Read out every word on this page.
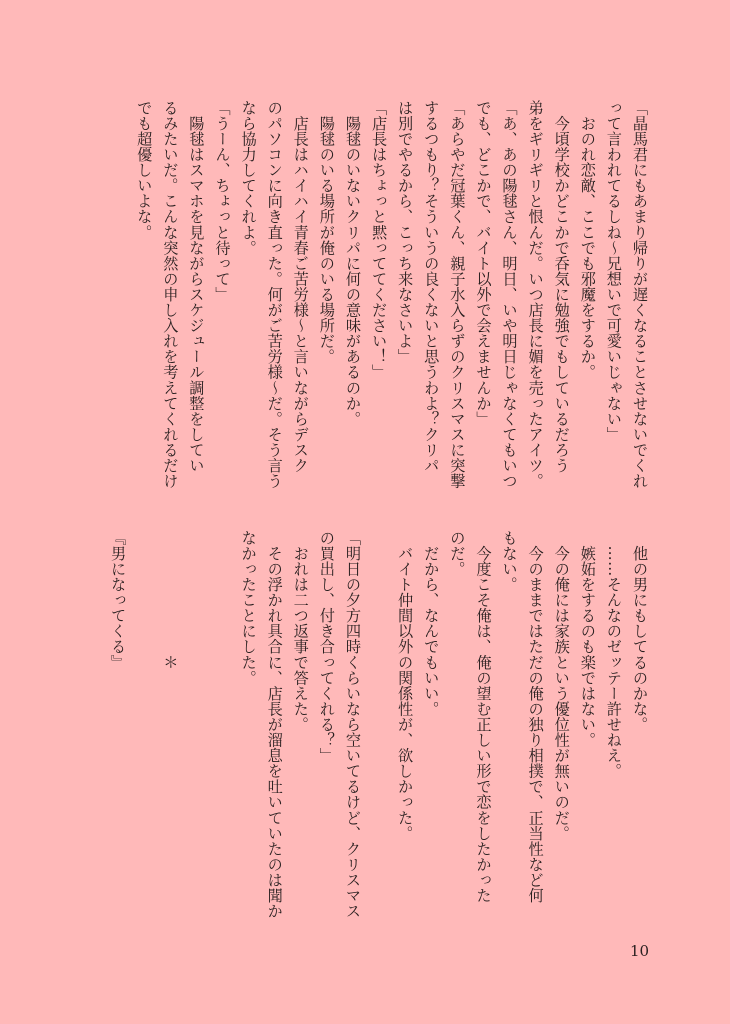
「晶馬君にもあまり帰りが遅くなることさせないでくれ
って言われてるしね～兄想いで可愛いじゃない」
　おのれ恋敵、ここでも邪魔をするか。
　今頃学校かどこかで呑気に勉強でもしているだろう
弟をギリギリと恨んだ。いつ店長に媚を売ったアイツ。
「あ、あの陽毬さん、明日、いや明日じゃなくてもいつ
でも、どこかで、バイト以外で会えませんか」
「あらやだ冠葉くん、親子水入らずのクリスマスに突撃
するつもり？そういうの良くないと思うわよ？クリパ
は別でやるから、こっち来なさいよ」
「店長はちょっと黙っててください！」
　陽毬のいないクリパに何の意味があるのか。
　陽毬のいる場所が俺のいる場所だ。
　店長はハイハイ青春ご苦労様～と言いながらデスク
のパソコンに向き直った。何がご苦労様～だ。そう言う
なら協力してくれよ。
「うーん、ちょっと待って」
　陽毬はスマホを見ながらスケジュール調整をしてい
るみたいだ。こんな突然の申し入れを考えてくれるだけ
でも超優しいよな。
　他の男にもしてるのかな。
　……そんなのゼッテー許せねえ。
　嫉妬をするのも楽ではない。
　今の俺には家族という優位性が無いのだ。
　今のままではただの俺の独り相撲で、正当性など何
もない。
　今度こそ俺は、俺の望む正しい形で恋をしたかった
のだ。
　だから、なんでもいい。
　バイト仲間以外の関係性が、欲しかった。

「明日の夕方四時くらいなら空いてるけど、クリスマス
の買出し、付き合ってくれる？」
　おれは二つ返事で答えた。
　その浮かれ具合に、店長が溜息を吐いていたのは聞か
なかったことにした。

　　　　　　　　＊

『男になってくる』
10
